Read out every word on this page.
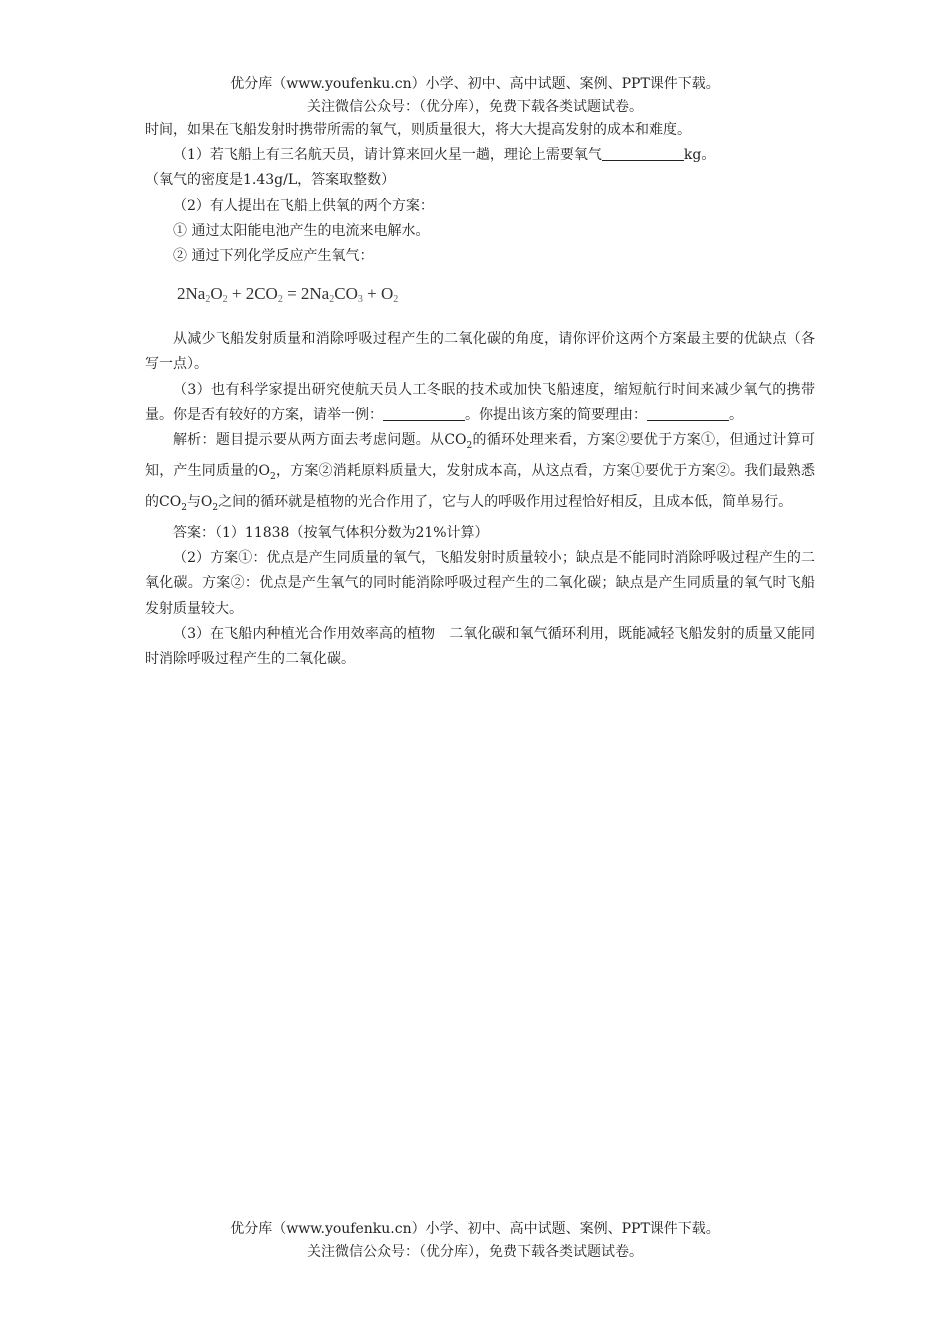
优分库（www.youfenku.cn）小学、初中、高中试题、案例、PPT课件下载。
关注微信公众号：（优分库），免费下载各类试题试卷。

时间，如果在飞船发射时携带所需的氧气，则质量很大，将大大提高发射的成本和难度。

（1）若飞船上有三名航天员，请计算来回火星一趟，理论上需要氧气	kg。

（氧气的密度是1.43g/L，答案取整数）

（2）有人提出在飞船上供氧的两个方案：

① 通过太阳能电池产生的电流来电解水。

② 通过下列化学反应产生氧气：

$2Na_2O_2 + 2CO_2 = 2Na_2CO_3 + O_2$

从减少飞船发射质量和消除呼吸过程产生的二氧化碳的角度，请你评价这两个方案最主要的优缺点（各写一点）。

（3）也有科学家提出研究使航天员人工冬眠的技术或加快飞船速度，缩短航行时间来减少氧气的携带量。你是否有较好的方案，请举一例：	。你提出该方案的简要理由：	。

解析：题目提示要从两方面去考虑问题。从$CO_2$的循环处理来看，方案②要优于方案①，但通过计算可知，产生同质量的$O_2$，方案②消耗原料质量大，发射成本高，从这点看，方案①要优于方案②。我们最熟悉的$CO_2$与$O_2$之间的循环就是植物的光合作用了，它与人的呼吸作用过程恰好相反，且成本低，简单易行。

答案：（1）11838（按氧气体积分数为21%计算）

（2）方案①：优点是产生同质量的氧气，飞船发射时质量较小；缺点是不能同时消除呼吸过程产生的二氧化碳。方案②：优点是产生氧气的同时能消除呼吸过程产生的二氧化碳；缺点是产生同质量的氧气时飞船发射质量较大。

（3）在飞船内种植光合作用效率高的植物　二氧化碳和氧气循环利用，既能减轻飞船发射的质量又能同时消除呼吸过程产生的二氧化碳。

优分库（www.youfenku.cn）小学、初中、高中试题、案例、PPT课件下载。
关注微信公众号：（优分库），免费下载各类试题试卷。
